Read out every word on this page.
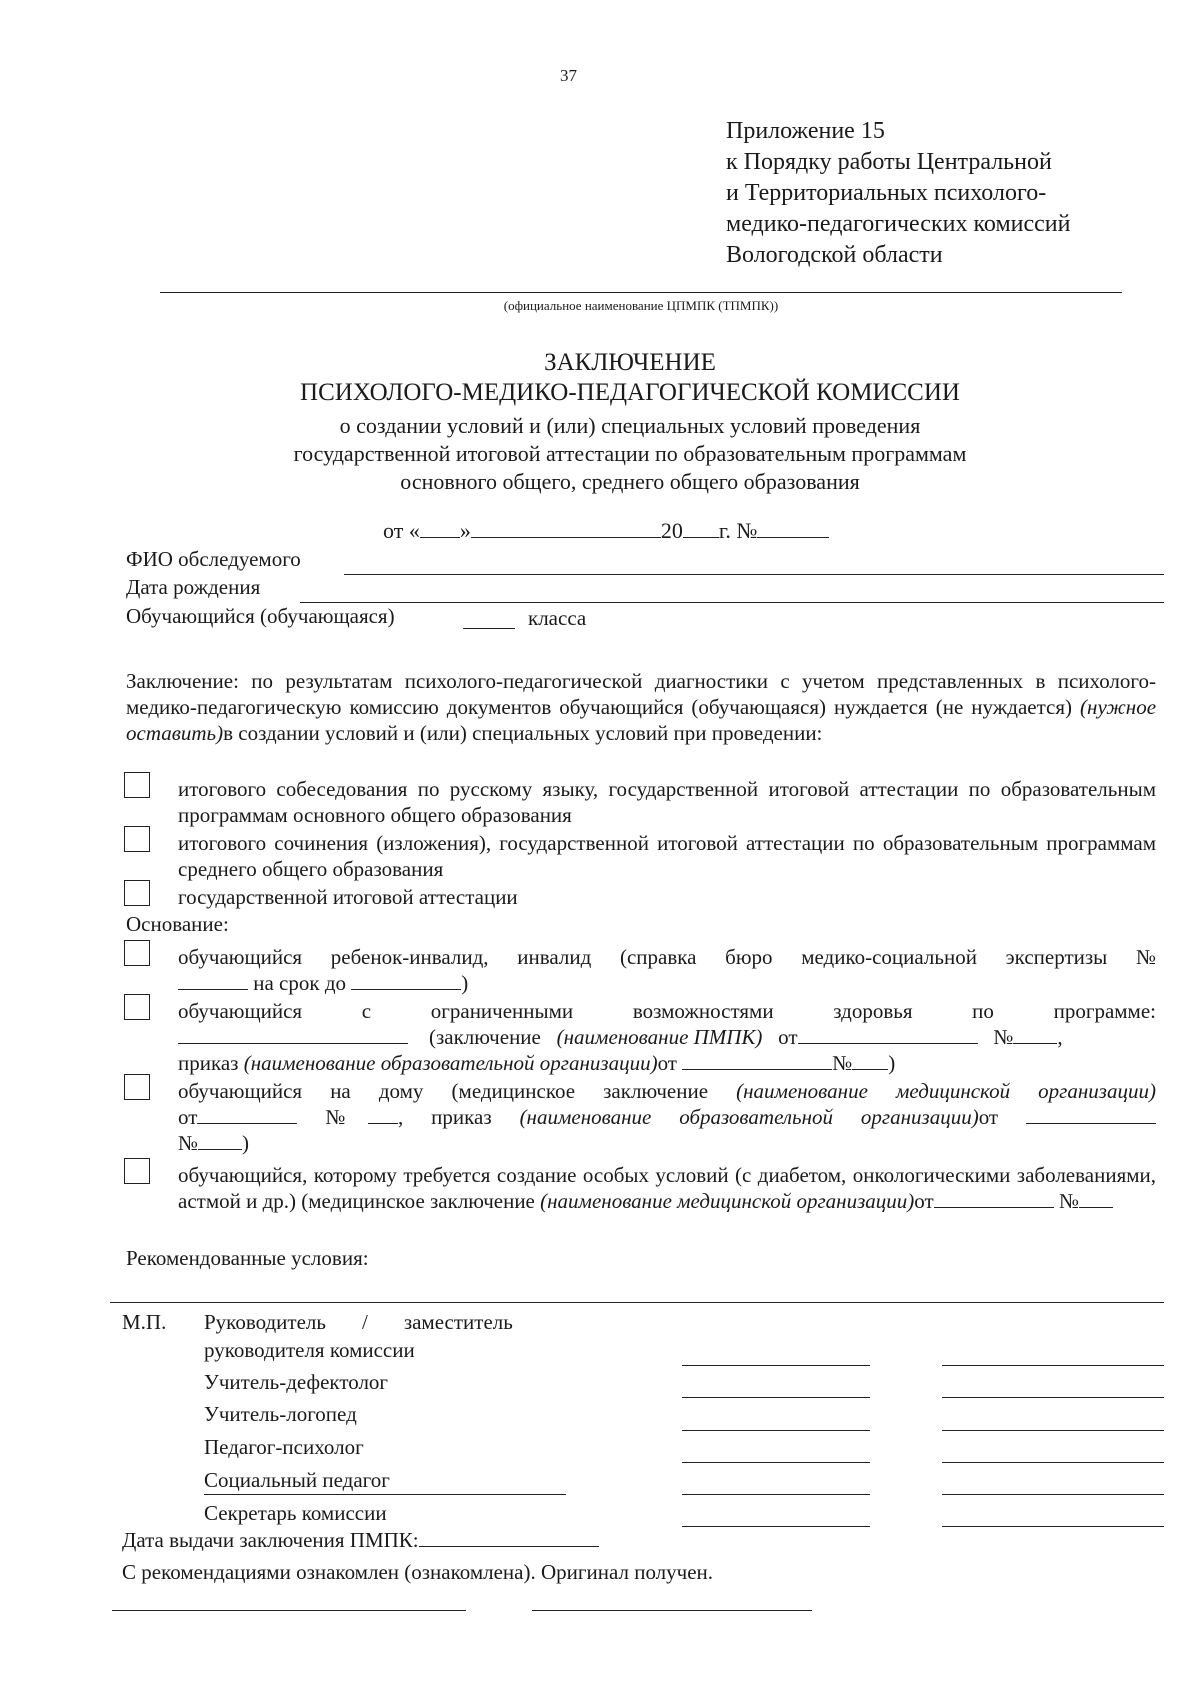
37
Приложение 15
к Порядку работы Центральной
и Территориальных психолого-
медико-педагогических комиссий
Вологодской области
(официальное наименование ЦПМПК (ТПМПК))
ЗАКЛЮЧЕНИЕ
ПСИХОЛОГО-МЕДИКО-ПЕДАГОГИЧЕСКОЙ КОМИССИИ
о создании условий и (или) специальных условий проведения
государственной итоговой аттестации по образовательным программам
основного общего, среднего общего образования
от « »	20 г. №
ФИО обследуемого
Дата рождения
Обучающийся (обучающаяся)	класса
Заключение: по результатам психолого-педагогической диагностики с учетом представленных в психолого-медико-педагогическую комиссию документов обучающийся (обучающаяся) нуждается (не нуждается) (нужное оставить)в создании условий и (или) специальных условий при проведении:
итогового собеседования по русскому языку, государственной итоговой аттестации по образовательным программам основного общего образования
итогового сочинения (изложения), государственной итоговой аттестации по образовательным программам среднего общего образования
государственной итоговой аттестации
Основание:
обучающийся ребенок-инвалид, инвалид (справка бюро медико-социальной экспертизы №
на срок до	)
обучающийся с ограниченными возможностями здоровья по программе:
(заключение (наименование ПМПК) от	№ ,
приказ (наименование образовательной организации)от	№ )
обучающийся на дому (медицинское заключение (наименование медицинской организации)
от	№ , приказ (наименование образовательной организации)от
№ )
обучающийся, которому требуется создание особых условий (с диабетом, онкологическими заболеваниями, астмой и др.) (медицинское заключение (наименование медицинской организации)от	№
Рекомендованные условия:
М.П. Руководитель / заместитель
руководителя комиссии
Учитель-дефектолог
Учитель-логопед
Педагог-психолог
Социальный педагог
Секретарь комиссии
Дата выдачи заключения ПМПК:
С рекомендациями ознакомлен (ознакомлена). Оригинал получен.
